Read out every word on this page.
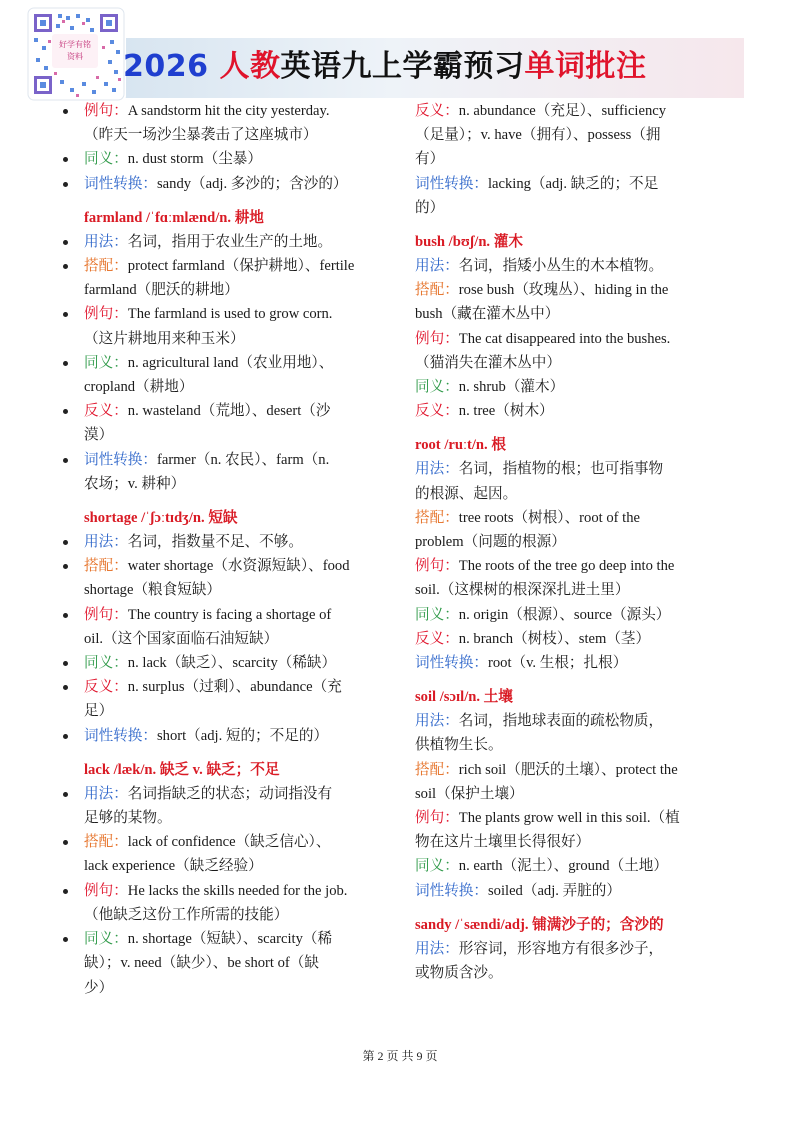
好学有铭
资料	2026 人教英语九上学霸预习单词批注
例句：A sandstorm hit the city yesterday.
（昨天一场沙尘暴袭击了这座城市）
同义：n. dust storm（尘暴）
词性转换：sandy（adj. 多沙的；含沙的）
farmland /ˈfɑːmlænd/n. 耕地
用法：名词，指用于农业生产的土地。
搭配：protect farmland（保护耕地）、fertile
farmland（肥沃的耕地）
例句：The farmland is used to grow corn.
（这片耕地用来种玉米）
同义：n. agricultural land（农业用地）、
cropland（耕地）
反义：n. wasteland（荒地）、desert（沙
漠）
词性转换：farmer（n. 农民）、farm（n.
农场；v. 耕种）
shortage /ˈʃɔːtɪdʒ/n. 短缺
用法：名词，指数量不足、不够。
搭配：water shortage（水资源短缺）、food
shortage（粮食短缺）
例句：The country is facing a shortage of
oil.（这个国家面临石油短缺）
同义：n. lack（缺乏）、scarcity（稀缺）
反义：n. surplus（过剩）、abundance（充
足）
词性转换：short（adj. 短的；不足的）
lack /læk/n. 缺乏 v. 缺乏；不足
用法：名词指缺乏的状态；动词指没有
足够的某物。
搭配：lack of confidence（缺乏信心）、
lack experience（缺乏经验）
例句：He lacks the skills needed for the job.
（他缺乏这份工作所需的技能）
同义：n. shortage（短缺）、scarcity（稀
缺）；v. need（缺少）、be short of（缺
少）
反义：n. abundance（充足）、sufficiency
（足量）；v. have（拥有）、possess（拥
有）
词性转换：lacking（adj. 缺乏的；不足
的）
bush /bʊʃ/n. 灌木
用法：名词，指矮小丛生的木本植物。
搭配：rose bush（玫瑰丛）、hiding in the
bush（藏在灌木丛中）
例句：The cat disappeared into the bushes.
（猫消失在灌木丛中）
同义：n. shrub（灌木）
反义：n. tree（树木）
root /ruːt/n. 根
用法：名词，指植物的根；也可指事物
的根源、起因。
搭配：tree roots（树根）、root of the
problem（问题的根源）
例句：The roots of the tree go deep into the
soil.（这棵树的根深深扎进土里）
同义：n. origin（根源）、source（源头）
反义：n. branch（树枝）、stem（茎）
词性转换：root（v. 生根；扎根）
soil /sɔɪl/n. 土壤
用法：名词，指地球表面的疏松物质，
供植物生长。
搭配：rich soil（肥沃的土壤）、protect the
soil（保护土壤）
例句：The plants grow well in this soil.（植
物在这片土壤里长得很好）
同义：n. earth（泥土）、ground（土地）
词性转换：soiled（adj. 弄脏的）
sandy /ˈsændi/adj. 铺满沙子的；含沙的
用法：形容词，形容地方有很多沙子，
或物质含沙。
第 2 页 共 9 页
